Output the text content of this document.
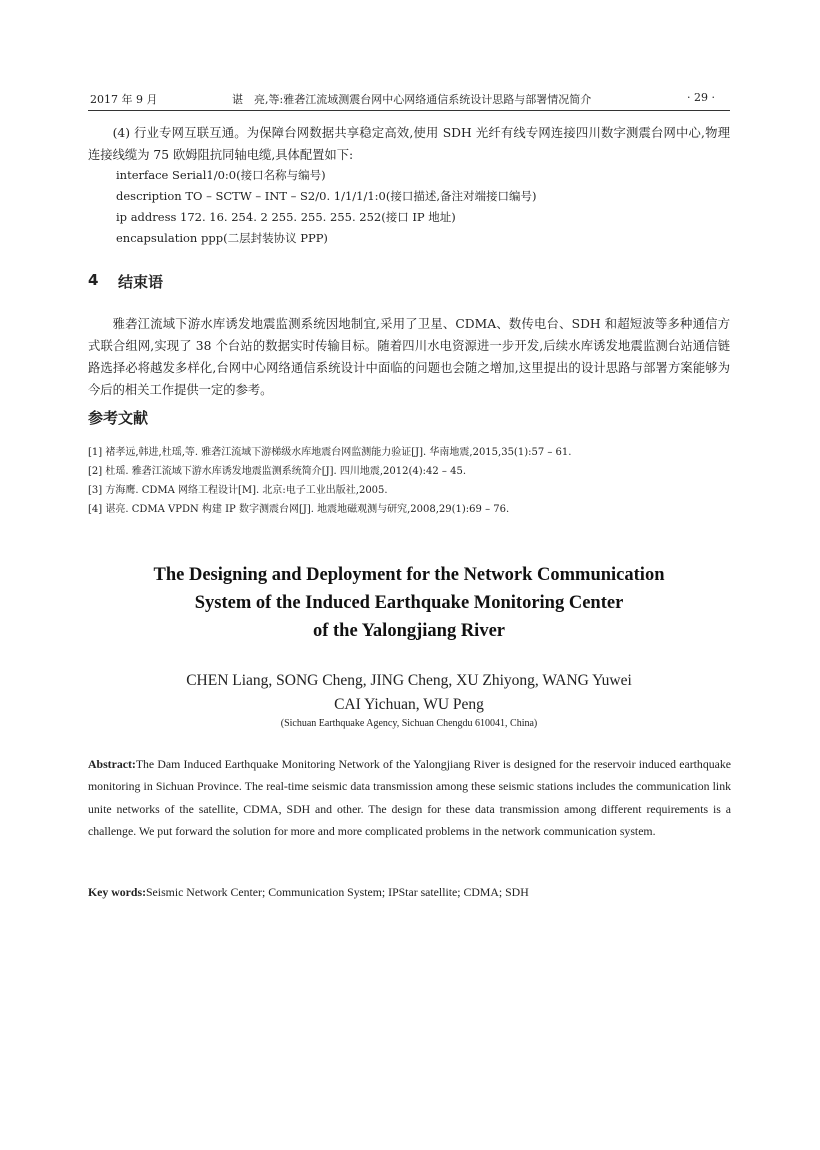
2017 年 9 月	谌　亮,等:雅砻江流域测震台网中心网络通信系统设计思路与部署情况简介	· 29 ·
(4) 行业专网互联互通。为保障台网数据共享稳定高效,使用 SDH 光纤有线专网连接四川数字测震台网中心,物理连接线缆为 75 欧姆阻抗同轴电缆,具体配置如下:
interface Serial1/0:0(接口名称与编号)
description TO – SCTW – INT – S2/0. 1/1/1/1:0(接口描述,备注对端接口编号)
ip address 172. 16. 254. 2 255. 255. 255. 252(接口 IP 地址)
encapsulation ppp(二层封装协议 PPP)
4 结束语
雅砻江流域下游水库诱发地震监测系统因地制宜,采用了卫星、CDMA、数传电台、SDH 和超短波等多种通信方式联合组网,实现了 38 个台站的数据实时传输目标。随着四川水电资源进一步开发,后续水库诱发地震监测台站通信链路选择必将越发多样化,台网中心网络通信系统设计中面临的问题也会随之增加,这里提出的设计思路与部署方案能够为今后的相关工作提供一定的参考。
参考文献
[1] 褚孝远,韩进,杜瑶,等. 雅砻江流域下游梯级水库地震台网监测能力验证[J]. 华南地震,2015,35(1):57 – 61.
[2] 杜瑶. 雅砻江流域下游水库诱发地震监测系统简介[J]. 四川地震,2012(4):42 – 45.
[3] 方海鹰. CDMA 网络工程设计[M]. 北京:电子工业出版社,2005.
[4] 谌亮. CDMA VPDN 构建 IP 数字测震台网[J]. 地震地磁观测与研究,2008,29(1):69 – 76.
The Designing and Deployment for the Network Communication
System of the Induced Earthquake Monitoring Center
of the Yalongjiang River
CHEN Liang, SONG Cheng, JING Cheng, XU Zhiyong, WANG Yuwei
CAI Yichuan, WU Peng
(Sichuan Earthquake Agency, Sichuan Chengdu 610041, China)
Abstract:The Dam Induced Earthquake Monitoring Network of the Yalongjiang River is designed for the reservoir induced earthquake monitoring in Sichuan Province. The real-time seismic data transmission among these seismic stations includes the communication link unite networks of the satellite, CDMA, SDH and other. The design for these data transmission among different requirements is a challenge. We put forward the solution for more and more complicated problems in the network communication system.
Key words:Seismic Network Center; Communication System; IPStar satellite; CDMA; SDH
